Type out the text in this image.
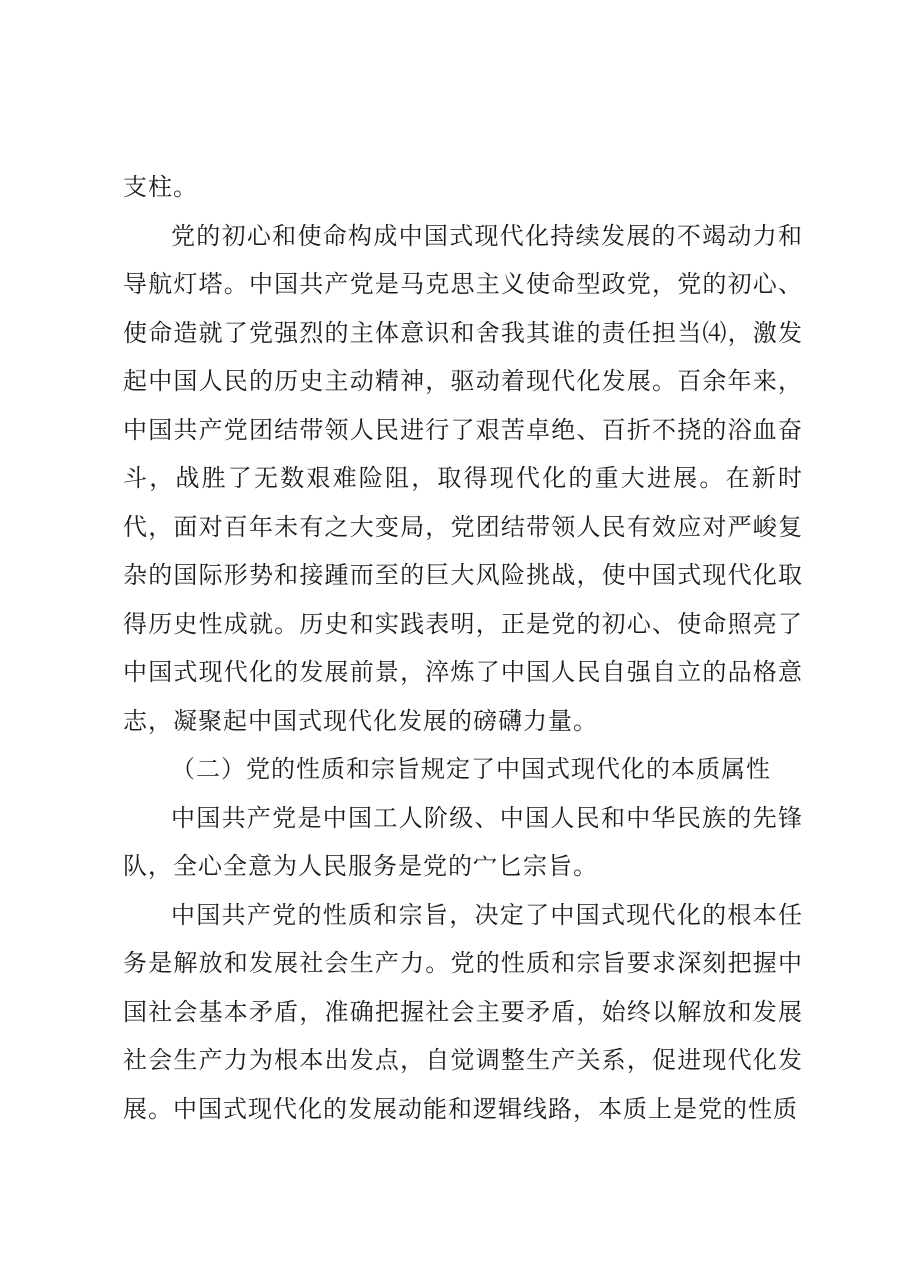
支柱。

党的初心和使命构成中国式现代化持续发展的不竭动力和导航灯塔。中国共产党是马克思主义使命型政党，党的初心、使命造就了党强烈的主体意识和舍我其谁的责任担当⑷，激发起中国人民的历史主动精神，驱动着现代化发展。百余年来，中国共产党团结带领人民进行了艰苦卓绝、百折不挠的浴血奋斗，战胜了无数艰难险阻，取得现代化的重大进展。在新时代，面对百年未有之大变局，党团结带领人民有效应对严峻复杂的国际形势和接踵而至的巨大风险挑战，使中国式现代化取得历史性成就。历史和实践表明，正是党的初心、使命照亮了中国式现代化的发展前景，淬炼了中国人民自强自立的品格意志，凝聚起中国式现代化发展的磅礴力量。

（二）党的性质和宗旨规定了中国式现代化的本质属性

中国共产党是中国工人阶级、中国人民和中华民族的先锋队，全心全意为人民服务是党的宀匕宗旨。

中国共产党的性质和宗旨，决定了中国式现代化的根本任务是解放和发展社会生产力。党的性质和宗旨要求深刻把握中国社会基本矛盾，准确把握社会主要矛盾，始终以解放和发展社会生产力为根本出发点，自觉调整生产关系，促进现代化发展。中国式现代化的发展动能和逻辑线路，本质上是党的性质
